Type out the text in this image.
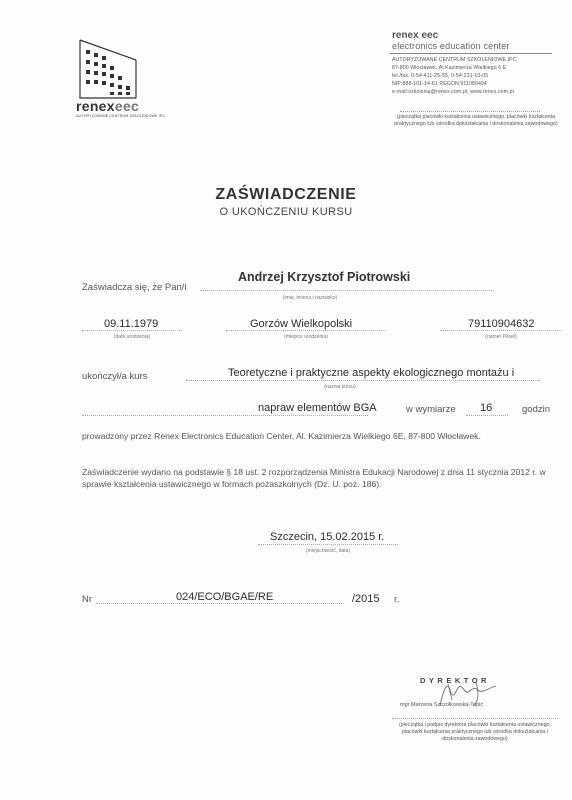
renexeec
AUTORYZOWANE CENTRUM SZKOLENIOWE IPC
renex eec
electronics education center
AUTORYZOWANE CENTRUM SZKOLENIOWE IPC
87-800 Włocławek, Al.Kazimierza Wielkiego 6 E
tel./fax. 0-54-411-25-55, 0-54-231-10-05
NIP:888-101-14-61 REGON:911080494
e-mail:szkolenia@renex.com.pl, www.renex.com.pl
(pieczątka placówki kształcenia ustawicznego, placówki kształcenia praktycznego lub ośrodka dokształcania i doskonalenia zawodowego)
ZAŚWIADCZENIE
O UKOŃCZENIU KURSU
Zaświadcza się, że Pan/i
Andrzej Krzysztof Piotrowski
(imię, imiona i nazwisko)
09.11.1979
(data urodzenia)
Gorzów Wielkopolski
(miejsce urodzenia)
79110904632
(numer Pesel)
ukończył/a kurs	Teoretyczne i praktyczne aspekty ekologicznego montażu i
(nazwa kursu)
napraw elementów BGA	w wymiarze 16	godzin
prowadzony przez Renex Electronics Education Center, Al. Kazimierza Wielkiego 6E, 87-800 Włocławek.
Zaświadczenie wydano na podstawie § 18 ust. 2 rozporządzenia Ministra Edukacji Narodowej z dnia 11 stycznia 2012 r. w sprawie kształcenia ustawicznego w formach pozaszkolnych (Dz. U. poz. 186).
Szczecin, 15.02.2015 r.
(miejscowość, data)
Nr	024/ECO/BGAE/RE	/2015 r.
DYREKTOR
mgr Marzena Szczołkowska-Topić
(pieczątka i podpis dyrektora placówki kształcenia ustawicznego, placówki kształcenia praktycznego lub ośrodka dokształcania i doskonalenia zawodowego)
